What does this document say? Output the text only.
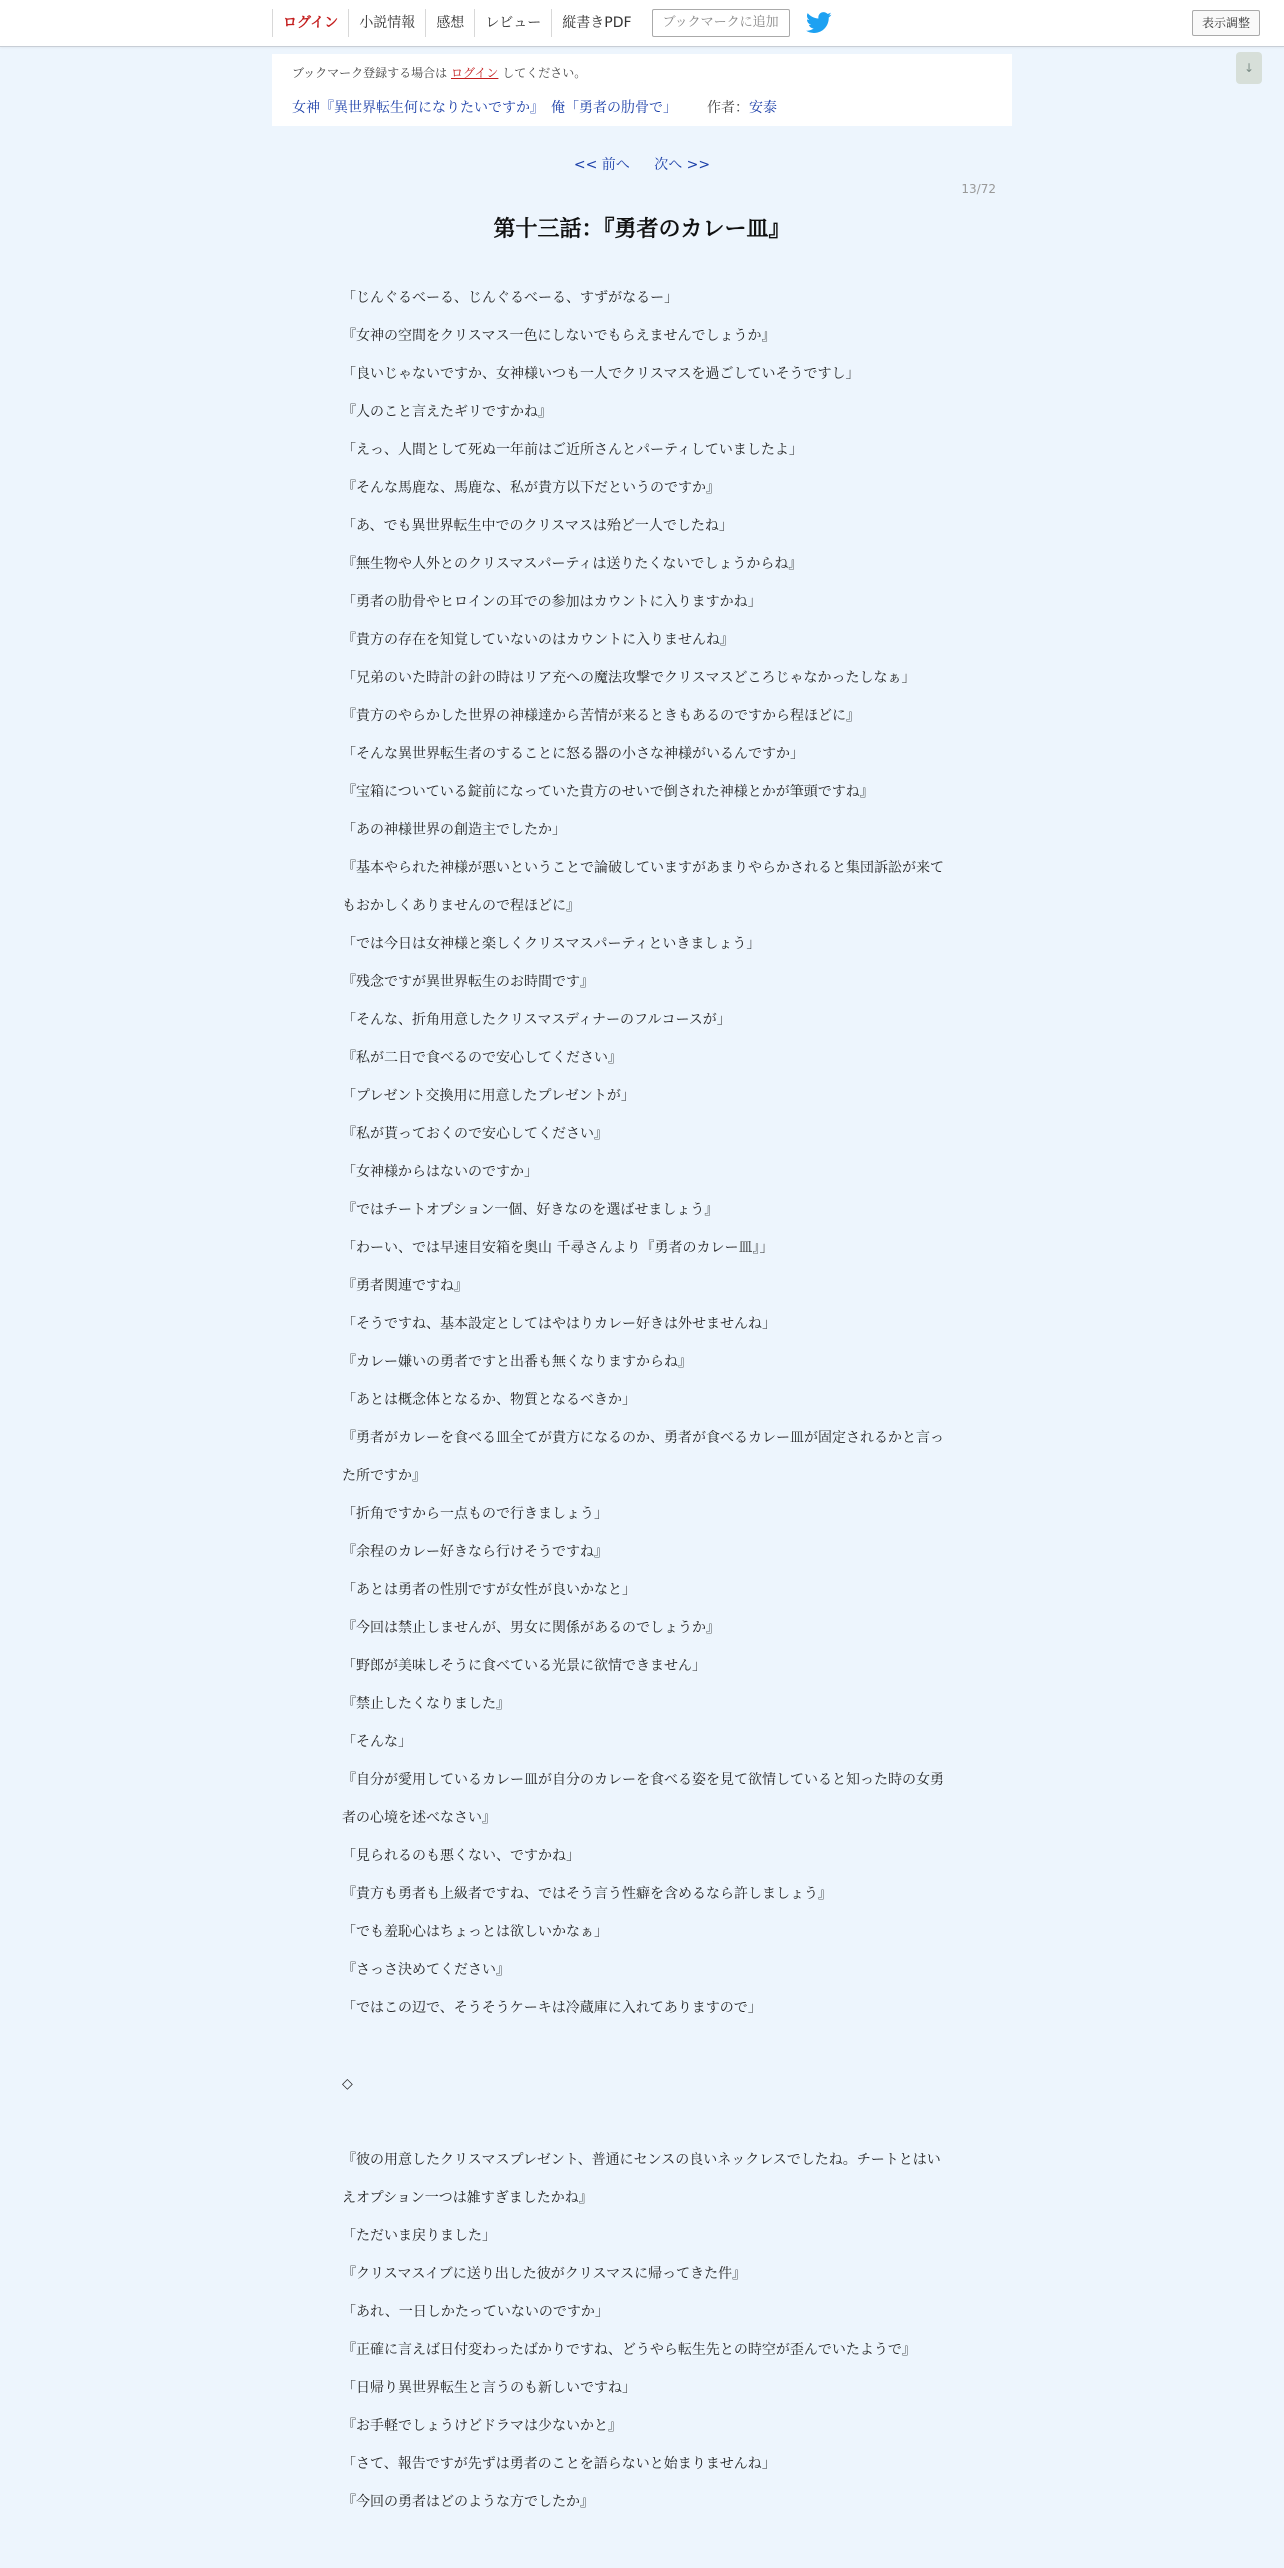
ログイン	小説情報	感想	レビュー	縦書きPDF	ブックマークに追加	表示調整
↓
ブックマーク登録する場合は ログイン してください。
女神『異世界転生何になりたいですか』　俺「勇者の肋骨で」 作者： 安泰
<< 前へ 次へ >>
13/72
第十三話：『勇者のカレー皿』

「じんぐるべーる、じんぐるべーる、すずがなるー」

『女神の空間をクリスマス一色にしないでもらえませんでしょうか』

「良いじゃないですか、女神様いつも一人でクリスマスを過ごしていそうですし」

『人のこと言えたギリですかね』

「えっ、人間として死ぬ一年前はご近所さんとパーティしていましたよ」

『そんな馬鹿な、馬鹿な、私が貴方以下だというのですか』

「あ、でも異世界転生中でのクリスマスは殆ど一人でしたね」

『無生物や人外とのクリスマスパーティは送りたくないでしょうからね』

「勇者の肋骨やヒロインの耳での参加はカウントに入りますかね」

『貴方の存在を知覚していないのはカウントに入りませんね』

「兄弟のいた時計の針の時はリア充への魔法攻撃でクリスマスどころじゃなかったしなぁ」

『貴方のやらかした世界の神様達から苦情が来るときもあるのですから程ほどに』

「そんな異世界転生者のすることに怒る器の小さな神様がいるんですか」

『宝箱についている錠前になっていた貴方のせいで倒された神様とかが筆頭ですね』

「あの神様世界の創造主でしたか」

『基本やられた神様が悪いということで論破していますがあまりやらかされると集団訴訟が来てもおかしくありませんので程ほどに』

「では今日は女神様と楽しくクリスマスパーティといきましょう」

『残念ですが異世界転生のお時間です』

「そんな、折角用意したクリスマスディナーのフルコースが」

『私が二日で食べるので安心してください』

「プレゼント交換用に用意したプレゼントが」

『私が貰っておくので安心してください』

「女神様からはないのですか」

『ではチートオプション一個、好きなのを選ばせましょう』

「わーい、では早速目安箱を奥山 千尋さんより『勇者のカレー皿』」

『勇者関連ですね』

「そうですね、基本設定としてはやはりカレー好きは外せませんね」

『カレー嫌いの勇者ですと出番も無くなりますからね』

「あとは概念体となるか、物質となるべきか」

『勇者がカレーを食べる皿全てが貴方になるのか、勇者が食べるカレー皿が固定されるかと言った所ですか』

「折角ですから一点もので行きましょう」

『余程のカレー好きなら行けそうですね』

「あとは勇者の性別ですが女性が良いかなと」

『今回は禁止しませんが、男女に関係があるのでしょうか』

「野郎が美味しそうに食べている光景に欲情できません」

『禁止したくなりました』

「そんな」

『自分が愛用しているカレー皿が自分のカレーを食べる姿を見て欲情していると知った時の女勇者の心境を述べなさい』

「見られるのも悪くない、ですかね」

『貴方も勇者も上級者ですね、ではそう言う性癖を含めるなら許しましょう』

「でも羞恥心はちょっとは欲しいかなぁ」

『さっさ決めてください』

「ではこの辺で、そうそうケーキは冷蔵庫に入れてありますので」

◇

『彼の用意したクリスマスプレゼント、普通にセンスの良いネックレスでしたね。チートとはいえオプション一つは雑すぎましたかね』

「ただいま戻りました」

『クリスマスイブに送り出した彼がクリスマスに帰ってきた件』

「あれ、一日しかたっていないのですか」

『正確に言えば日付変わったばかりですね、どうやら転生先との時空が歪んでいたようで』

「日帰り異世界転生と言うのも新しいですね」

『お手軽でしょうけどドラマは少ないかと』

「さて、報告ですが先ずは勇者のことを語らないと始まりませんね」

『今回の勇者はどのような方でしたか』
